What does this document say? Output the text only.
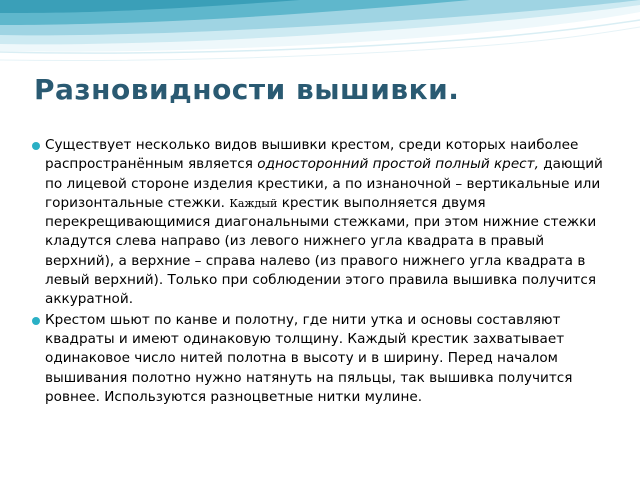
Разновидности вышивки.
Существует несколько видов вышивки крестом, среди которых наиболее распространённым является односторонний простой полный крест, дающий по лицевой стороне изделия крестики, а по изнаночной – вертикальные или горизонтальные стежки. Каждый крестик выполняется двумя перекрещивающимися диагональными стежками, при этом нижние стежки кладутся слева направо (из левого нижнего угла квадрата в правый верхний), а верхние – справа налево (из правого нижнего угла квадрата в левый верхний). Только при соблюдении этого правила вышивка получится аккуратной.
Крестом шьют по канве и полотну, где нити утка и основы составляют квадраты и имеют одинаковую толщину. Каждый крестик захватывает одинаковое число нитей полотна в высоту и в ширину. Перед началом вышивания полотно нужно натянуть на пяльцы, так вышивка получится ровнее. Используются разноцветные нитки мулине.
